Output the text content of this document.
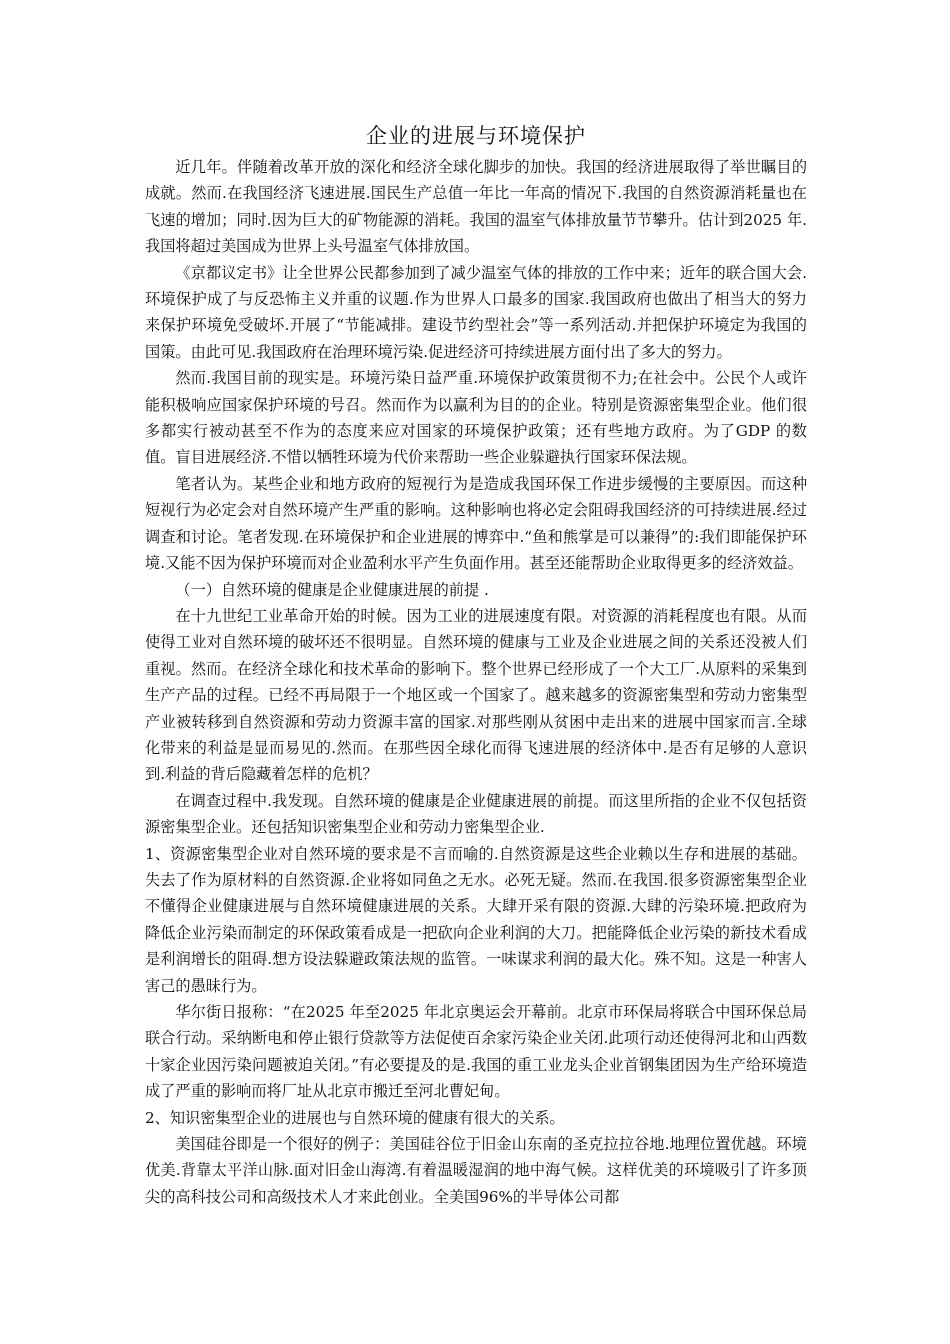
企业的进展与环境保护

近几年。伴随着改革开放的深化和经济全球化脚步的加快。我国的经济进展取得了举世瞩目的成就。然而.在我国经济飞速进展.国民生产总值一年比一年高的情况下.我国的自然资源消耗量也在飞速的增加；同时.因为巨大的矿物能源的消耗。我国的温室气体排放量节节攀升。估计到2025 年.我国将超过美国成为世界上头号温室气体排放国。

《京都议定书》让全世界公民都参加到了减少温室气体的排放的工作中来；近年的联合国大会.环境保护成了与反恐怖主义并重的议题.作为世界人口最多的国家.我国政府也做出了相当大的努力来保护环境免受破坏.开展了“节能减排。建设节约型社会”等一系列活动.并把保护环境定为我国的国策。由此可见.我国政府在治理环境污染.促进经济可持续进展方面付出了多大的努力。

然而.我国目前的现实是。环境污染日益严重.环境保护政策贯彻不力;在社会中。公民个人或许能积极响应国家保护环境的号召。然而作为以赢利为目的的企业。特别是资源密集型企业。他们很多都实行被动甚至不作为的态度来应对国家的环境保护政策；还有些地方政府。为了GDP 的数值。盲目进展经济.不惜以牺牲环境为代价来帮助一些企业躲避执行国家环保法规。

笔者认为。某些企业和地方政府的短视行为是造成我国环保工作进步缓慢的主要原因。而这种短视行为必定会对自然环境产生严重的影响。这种影响也将必定会阻碍我国经济的可持续进展.经过调查和讨论。笔者发现.在环境保护和企业进展的博弈中.“鱼和熊掌是可以兼得”的:我们即能保护环境.又能不因为保护环境而对企业盈利水平产生负面作用。甚至还能帮助企业取得更多的经济效益。

（一）自然环境的健康是企业健康进展的前提 .

在十九世纪工业革命开始的时候。因为工业的进展速度有限。对资源的消耗程度也有限。从而使得工业对自然环境的破坏还不很明显。自然环境的健康与工业及企业进展之间的关系还没被人们重视。然而。在经济全球化和技术革命的影响下。整个世界已经形成了一个大工厂.从原料的采集到生产产品的过程。已经不再局限于一个地区或一个国家了。越来越多的资源密集型和劳动力密集型产业被转移到自然资源和劳动力资源丰富的国家.对那些刚从贫困中走出来的进展中国家而言.全球化带来的利益是显而易见的.然而。在那些因全球化而得飞速进展的经济体中.是否有足够的人意识到.利益的背后隐藏着怎样的危机？

在调查过程中.我发现。自然环境的健康是企业健康进展的前提。而这里所指的企业不仅包括资源密集型企业。还包括知识密集型企业和劳动力密集型企业.

1、资源密集型企业对自然环境的要求是不言而喻的.自然资源是这些企业赖以生存和进展的基础。失去了作为原材料的自然资源.企业将如同鱼之无水。必死无疑。然而.在我国.很多资源密集型企业不懂得企业健康进展与自然环境健康进展的关系。大肆开采有限的资源.大肆的污染环境.把政府为降低企业污染而制定的环保政策看成是一把砍向企业利润的大刀。把能降低企业污染的新技术看成是利润增长的阻碍.想方设法躲避政策法规的监管。一味谋求利润的最大化。殊不知。这是一种害人害己的愚昧行为。

华尔街日报称：“在2025 年至2025 年北京奥运会开幕前。北京市环保局将联合中国环保总局联合行动。采纳断电和停止银行贷款等方法促使百余家污染企业关闭.此项行动还使得河北和山西数十家企业因污染问题被迫关闭。”有必要提及的是.我国的重工业龙头企业首钢集团因为生产给环境造成了严重的影响而将厂址从北京市搬迁至河北曹妃甸。

2、知识密集型企业的进展也与自然环境的健康有很大的关系。

美国硅谷即是一个很好的例子：美国硅谷位于旧金山东南的圣克拉拉谷地.地理位置优越。环境优美.背靠太平洋山脉.面对旧金山海湾.有着温暖湿润的地中海气候。这样优美的环境吸引了许多顶尖的高科技公司和高级技术人才来此创业。全美国96%的半导体公司都
